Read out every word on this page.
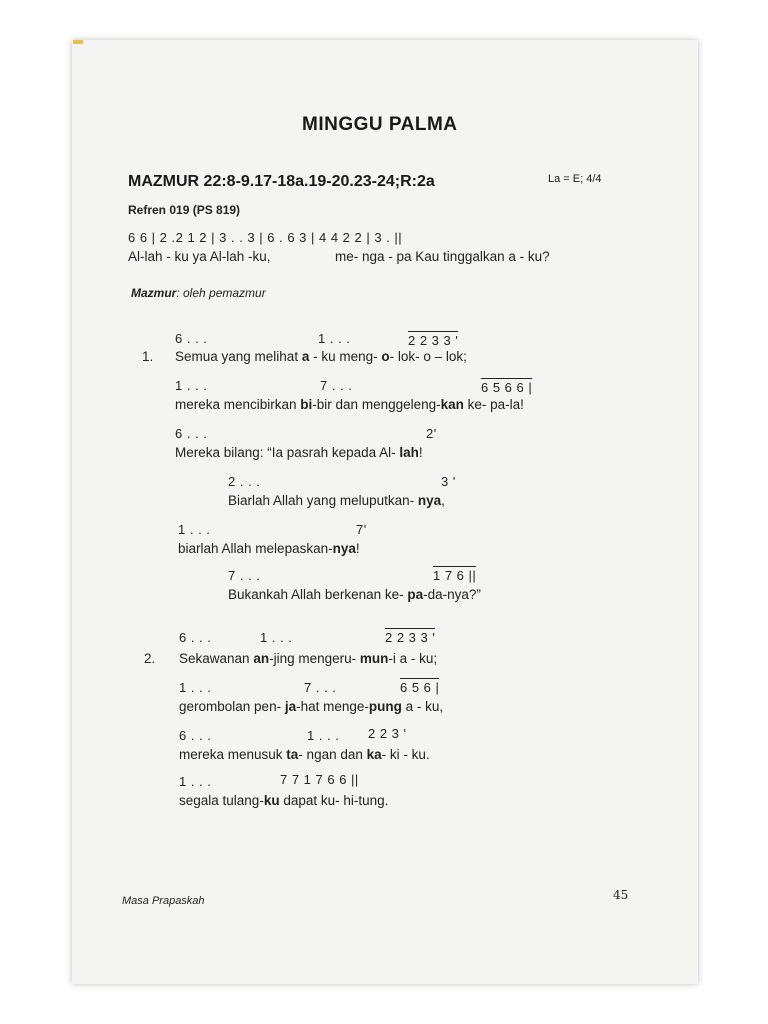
MINGGU PALMA
MAZMUR 22:8-9.17-18a.19-20.23-24;R:2a	La = E; 4/4
Refren 019 (PS 819)
6 6 | 2 .2 1 2 | 3 . . 3 | 6 . 6 3 | 4 4 2 2 | 3 . ||
Al-lah - ku ya Al-lah -ku,	me- nga - pa Kau tinggalkan a - ku?
Mazmur: oleh pemazmur
6 . . .	1 . . .	2 2 3 3 '
1. Semua yang melihat a - ku meng- o- lok- o – lok;
1 . . .	7 . . .	6 5 6 6 |
mereka mencibirkan bi-bir dan menggeleng-kan ke- pa-la!
6 . . .	2'
Mereka bilang: “Ia pasrah kepada Al- lah!
2 . . .	3 '
Biarlah Allah yang meluputkan- nya,
1 . . .	7'
biarlah Allah melepaskan-nya!
7 . . .	1 7 6 ||
Bukankah Allah berkenan ke- pa-da-nya?”
6 . . .	1 . . .	2 2 3 3 '
2. Sekawanan an-jing mengeru- mun-i a - ku;
1 . . .	7 . . .	6 5 6 |
gerombolan pen- ja-hat menge-pung a - ku,
6 . . .	1 . . . 2 2 3 '
mereka menusuk ta- ngan dan ka- ki - ku.
1 . . .	7 7 1 7 6 6 ||
segala tulang-ku dapat ku- hi-tung.
Masa Prapaskah	45
